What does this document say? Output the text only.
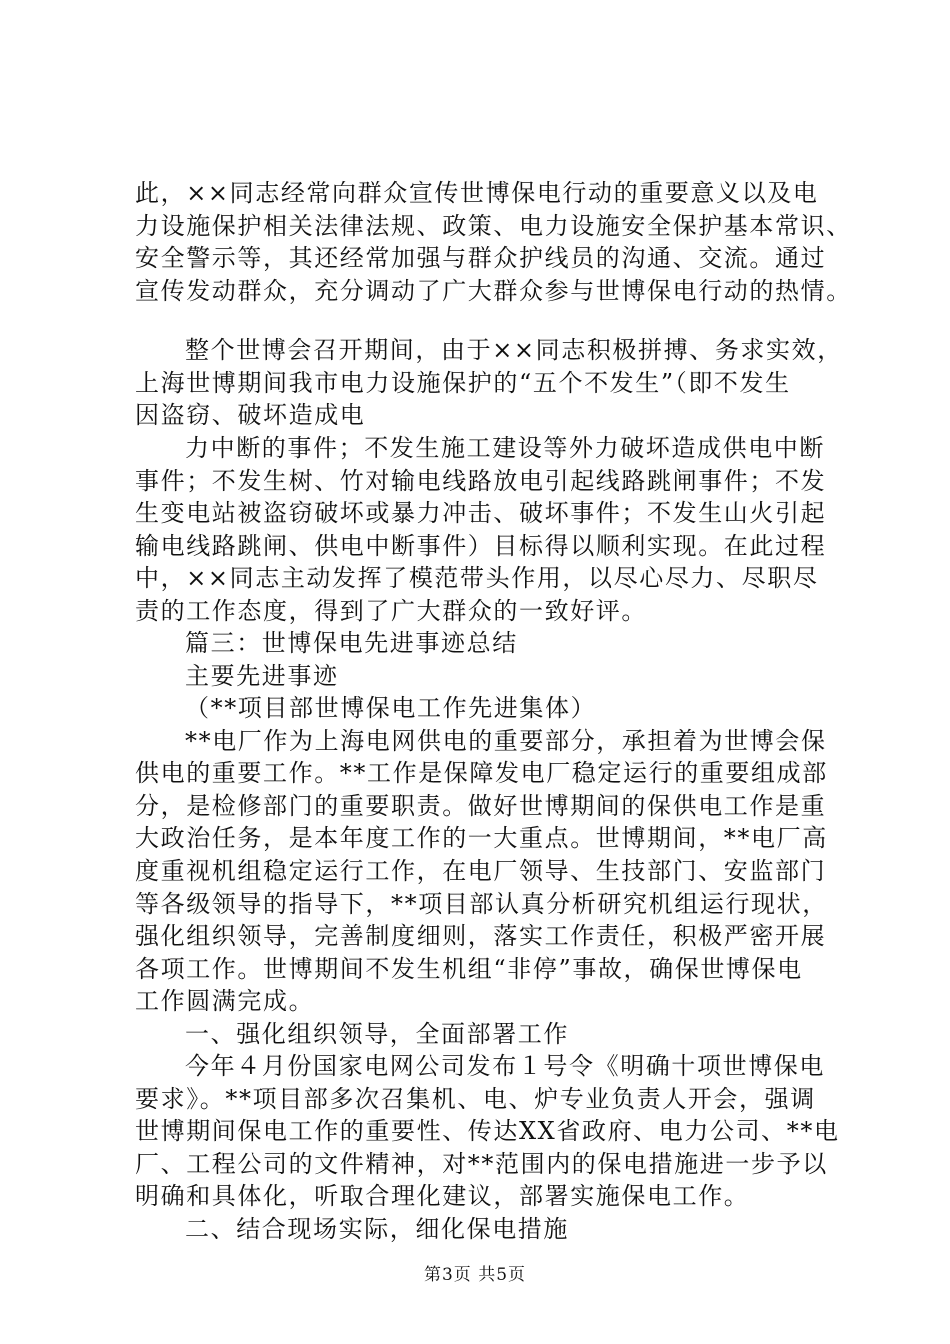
此，××同志经常向群众宣传世博保电行动的重要意义以及电
力设施保护相关法律法规、政策、电力设施安全保护基本常识、
安全警示等，其还经常加强与群众护线员的沟通、交流。通过
宣传发动群众，充分调动了广大群众参与世博保电行动的热情。
整个世博会召开期间，由于××同志积极拼搏、务求实效，
上海世博期间我市电力设施保护的“五个不发生”（即不发生
因盗窃、破坏造成电
力中断的事件；不发生施工建设等外力破坏造成供电中断
事件；不发生树、竹对输电线路放电引起线路跳闸事件；不发
生变电站被盗窃破坏或暴力冲击、破坏事件；不发生山火引起
输电线路跳闸、供电中断事件）目标得以顺利实现。在此过程
中，××同志主动发挥了模范带头作用，以尽心尽力、尽职尽
责的工作态度，得到了广大群众的一致好评。
篇三：世博保电先进事迹总结
主要先进事迹
（**项目部世博保电工作先进集体）
**电厂作为上海电网供电的重要部分，承担着为世博会保
供电的重要工作。**工作是保障发电厂稳定运行的重要组成部
分，是检修部门的重要职责。做好世博期间的保供电工作是重
大政治任务，是本年度工作的一大重点。世博期间，**电厂高
度重视机组稳定运行工作，在电厂领导、生技部门、安监部门
等各级领导的指导下，**项目部认真分析研究机组运行现状，
强化组织领导，完善制度细则，落实工作责任，积极严密开展
各项工作。世博期间不发生机组“非停”事故，确保世博保电
工作圆满完成。
一、强化组织领导，全面部署工作
今年４月份国家电网公司发布１号令《明确十项世博保电
要求》。**项目部多次召集机、电、炉专业负责人开会，强调
世博期间保电工作的重要性、传达XX省政府、电力公司、**电
厂、工程公司的文件精神，对**范围内的保电措施进一步予以
明确和具体化，听取合理化建议，部署实施保电工作。
二、结合现场实际，细化保电措施
第3页 共5页
